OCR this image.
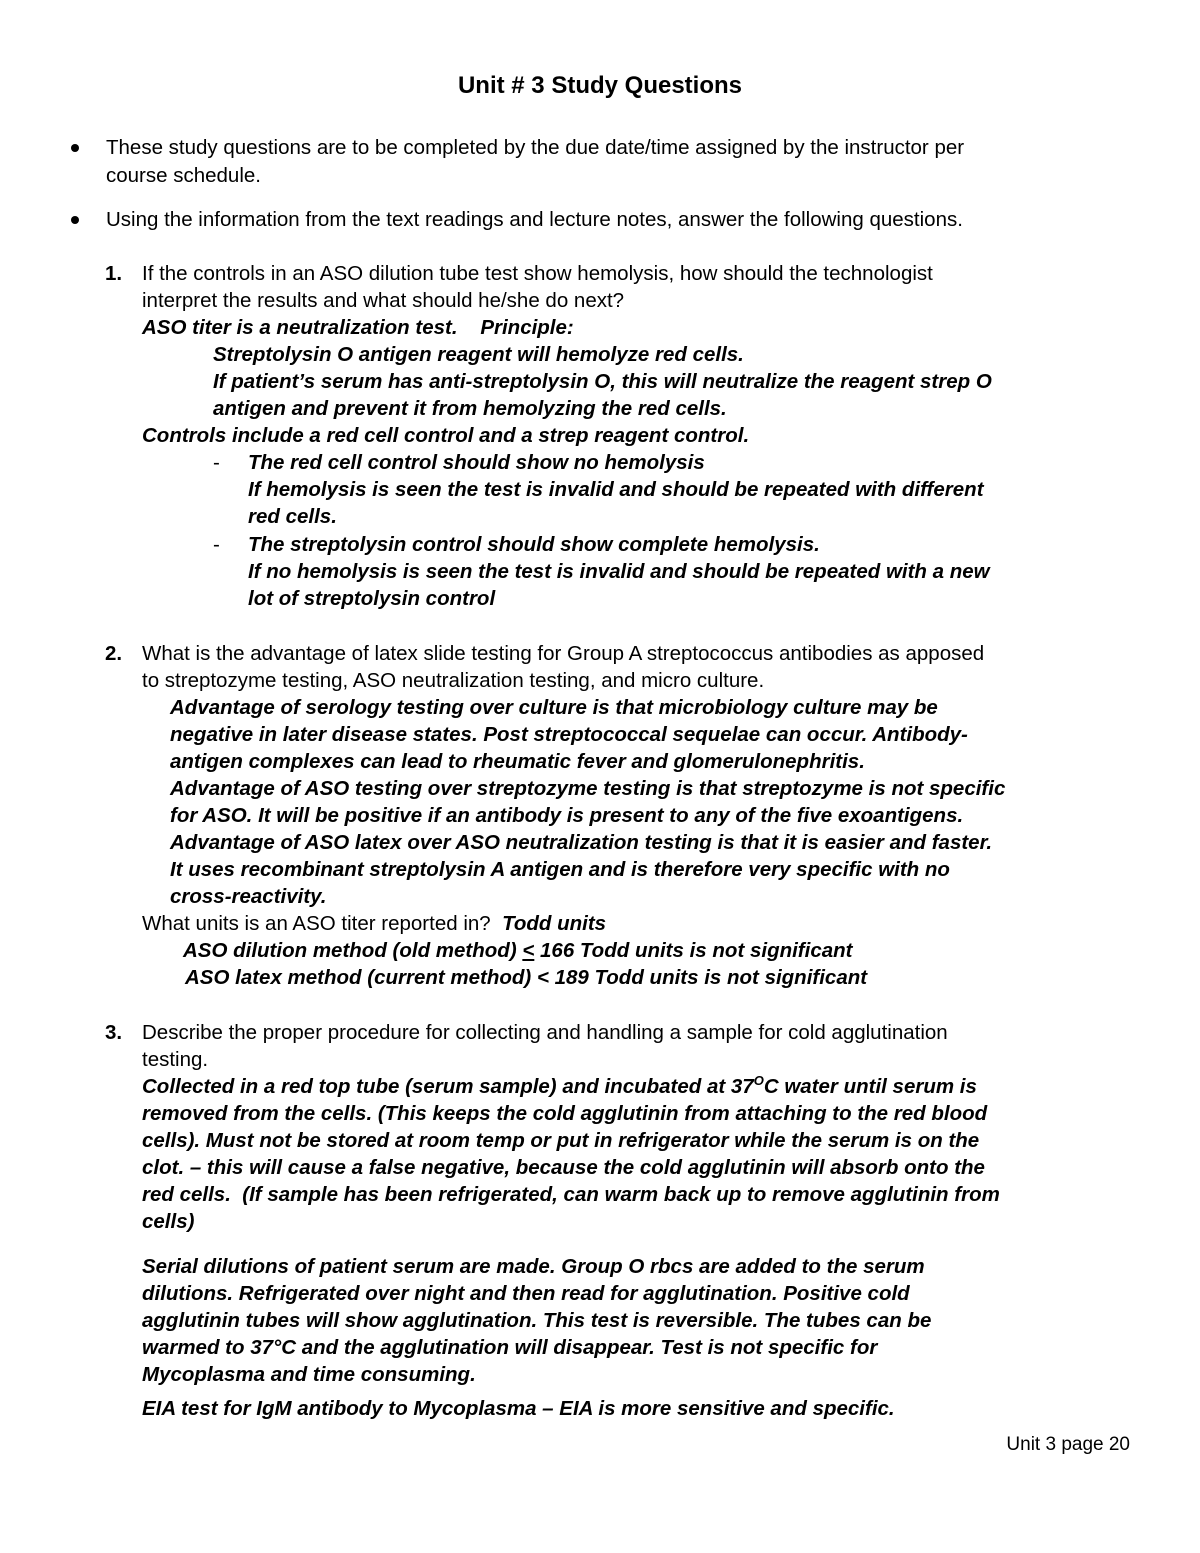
Unit # 3 Study Questions
These study questions are to be completed by the due date/time assigned by the instructor per
course schedule.
Using the information from the text readings and lecture notes, answer the following questions.
1. If the controls in an ASO dilution tube test show hemolysis, how should the technologist
interpret the results and what should he/she do next?
ASO titer is a neutralization test.    Principle:
Streptolysin O antigen reagent will hemolyze red cells.
If patient’s serum has anti-streptolysin O, this will neutralize the reagent strep O
antigen and prevent it from hemolyzing the red cells.
Controls include a red cell control and a strep reagent control.
- The red cell control should show no hemolysis
If hemolysis is seen the test is invalid and should be repeated with different
red cells.
- The streptolysin control should show complete hemolysis.
If no hemolysis is seen the test is invalid and should be repeated with a new
lot of streptolysin control
2. What is the advantage of latex slide testing for Group A streptococcus antibodies as apposed
to streptozyme testing, ASO neutralization testing, and micro culture.
Advantage of serology testing over culture is that microbiology culture may be
negative in later disease states. Post streptococcal sequelae can occur. Antibody-
antigen complexes can lead to rheumatic fever and glomerulonephritis.
Advantage of ASO testing over streptozyme testing is that streptozyme is not specific
for ASO. It will be positive if an antibody is present to any of the five exoantigens.
Advantage of ASO latex over ASO neutralization testing is that it is easier and faster.
It uses recombinant streptolysin A antigen and is therefore very specific with no
cross-reactivity.
What units is an ASO titer reported in? Todd units
ASO dilution method (old method) ≤ 166 Todd units is not significant
ASO latex method (current method) < 189 Todd units is not significant
3. Describe the proper procedure for collecting and handling a sample for cold agglutination
testing.
Collected in a red top tube (serum sample) and incubated at $37^OC$ water until serum is
removed from the cells. (This keeps the cold agglutinin from attaching to the red blood
cells). Must not be stored at room temp or put in refrigerator while the serum is on the
clot. – this will cause a false negative, because the cold agglutinin will absorb onto the
red cells.  (If sample has been refrigerated, can warm back up to remove agglutinin from
cells)
Serial dilutions of patient serum are made. Group O rbcs are added to the serum
dilutions. Refrigerated over night and then read for agglutination. Positive cold
agglutinin tubes will show agglutination. This test is reversible. The tubes can be
warmed to 37°C and the agglutination will disappear. Test is not specific for
Mycoplasma and time consuming.
EIA test for IgM antibody to Mycoplasma – EIA is more sensitive and specific.
Unit 3 page 20
